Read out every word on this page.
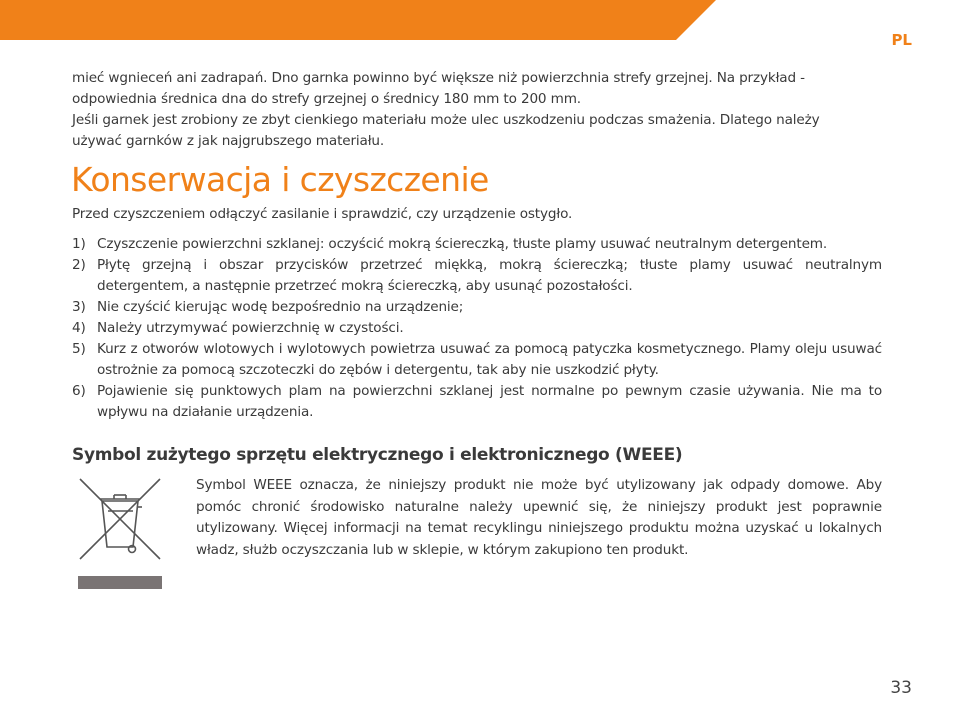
PL

mieć wgnieceń ani zadrapań. Dno garnka powinno być większe niż powierzchnia strefy grzejnej. Na przykład -

odpowiednia średnica dna do strefy grzejnej o średnicy 180 mm to 200 mm.

Jeśli garnek jest zrobiony ze zbyt cienkiego materiału może ulec uszkodzeniu podczas smażenia. Dlatego należy

używać garnków z jak najgrubszego materiału.

Konserwacja i czyszczenie

Przed czyszczeniem odłączyć zasilanie i sprawdzić, czy urządzenie ostygło.

1) Czyszczenie powierzchni szklanej: oczyścić mokrą ściereczką, tłuste plamy usuwać neutralnym detergentem.
2) Płytę grzejną i obszar przycisków przetrzeć miękką, mokrą ściereczką; tłuste plamy usuwać neutralnym detergentem, a następnie przetrzeć mokrą ściereczką, aby usunąć pozostałości.
3) Nie czyścić kierując wodę bezpośrednio na urządzenie;
4) Należy utrzymywać powierzchnię w czystości.
5) Kurz z otworów wlotowych i wylotowych powietrza usuwać za pomocą patyczka kosmetycznego. Plamy oleju usuwać ostrożnie za pomocą szczoteczki do zębów i detergentu, tak aby nie uszkodzić płyty.
6) Pojawienie się punktowych plam na powierzchni szklanej jest normalne po pewnym czasie używania. Nie ma to wpływu na działanie urządzenia.
Symbol zużytego sprzętu elektrycznego i elektronicznego (WEEE)

Symbol WEEE oznacza, że niniejszy produkt nie może być utylizowany jak odpady domowe. Aby pomóc chronić środowisko naturalne należy upewnić się, że niniejszy produkt jest poprawnie utylizowany. Więcej informacji na temat recyklingu niniejszego produktu można uzyskać u lokalnych władz, służb oczyszczania lub w sklepie, w którym zakupiono ten produkt.

33
